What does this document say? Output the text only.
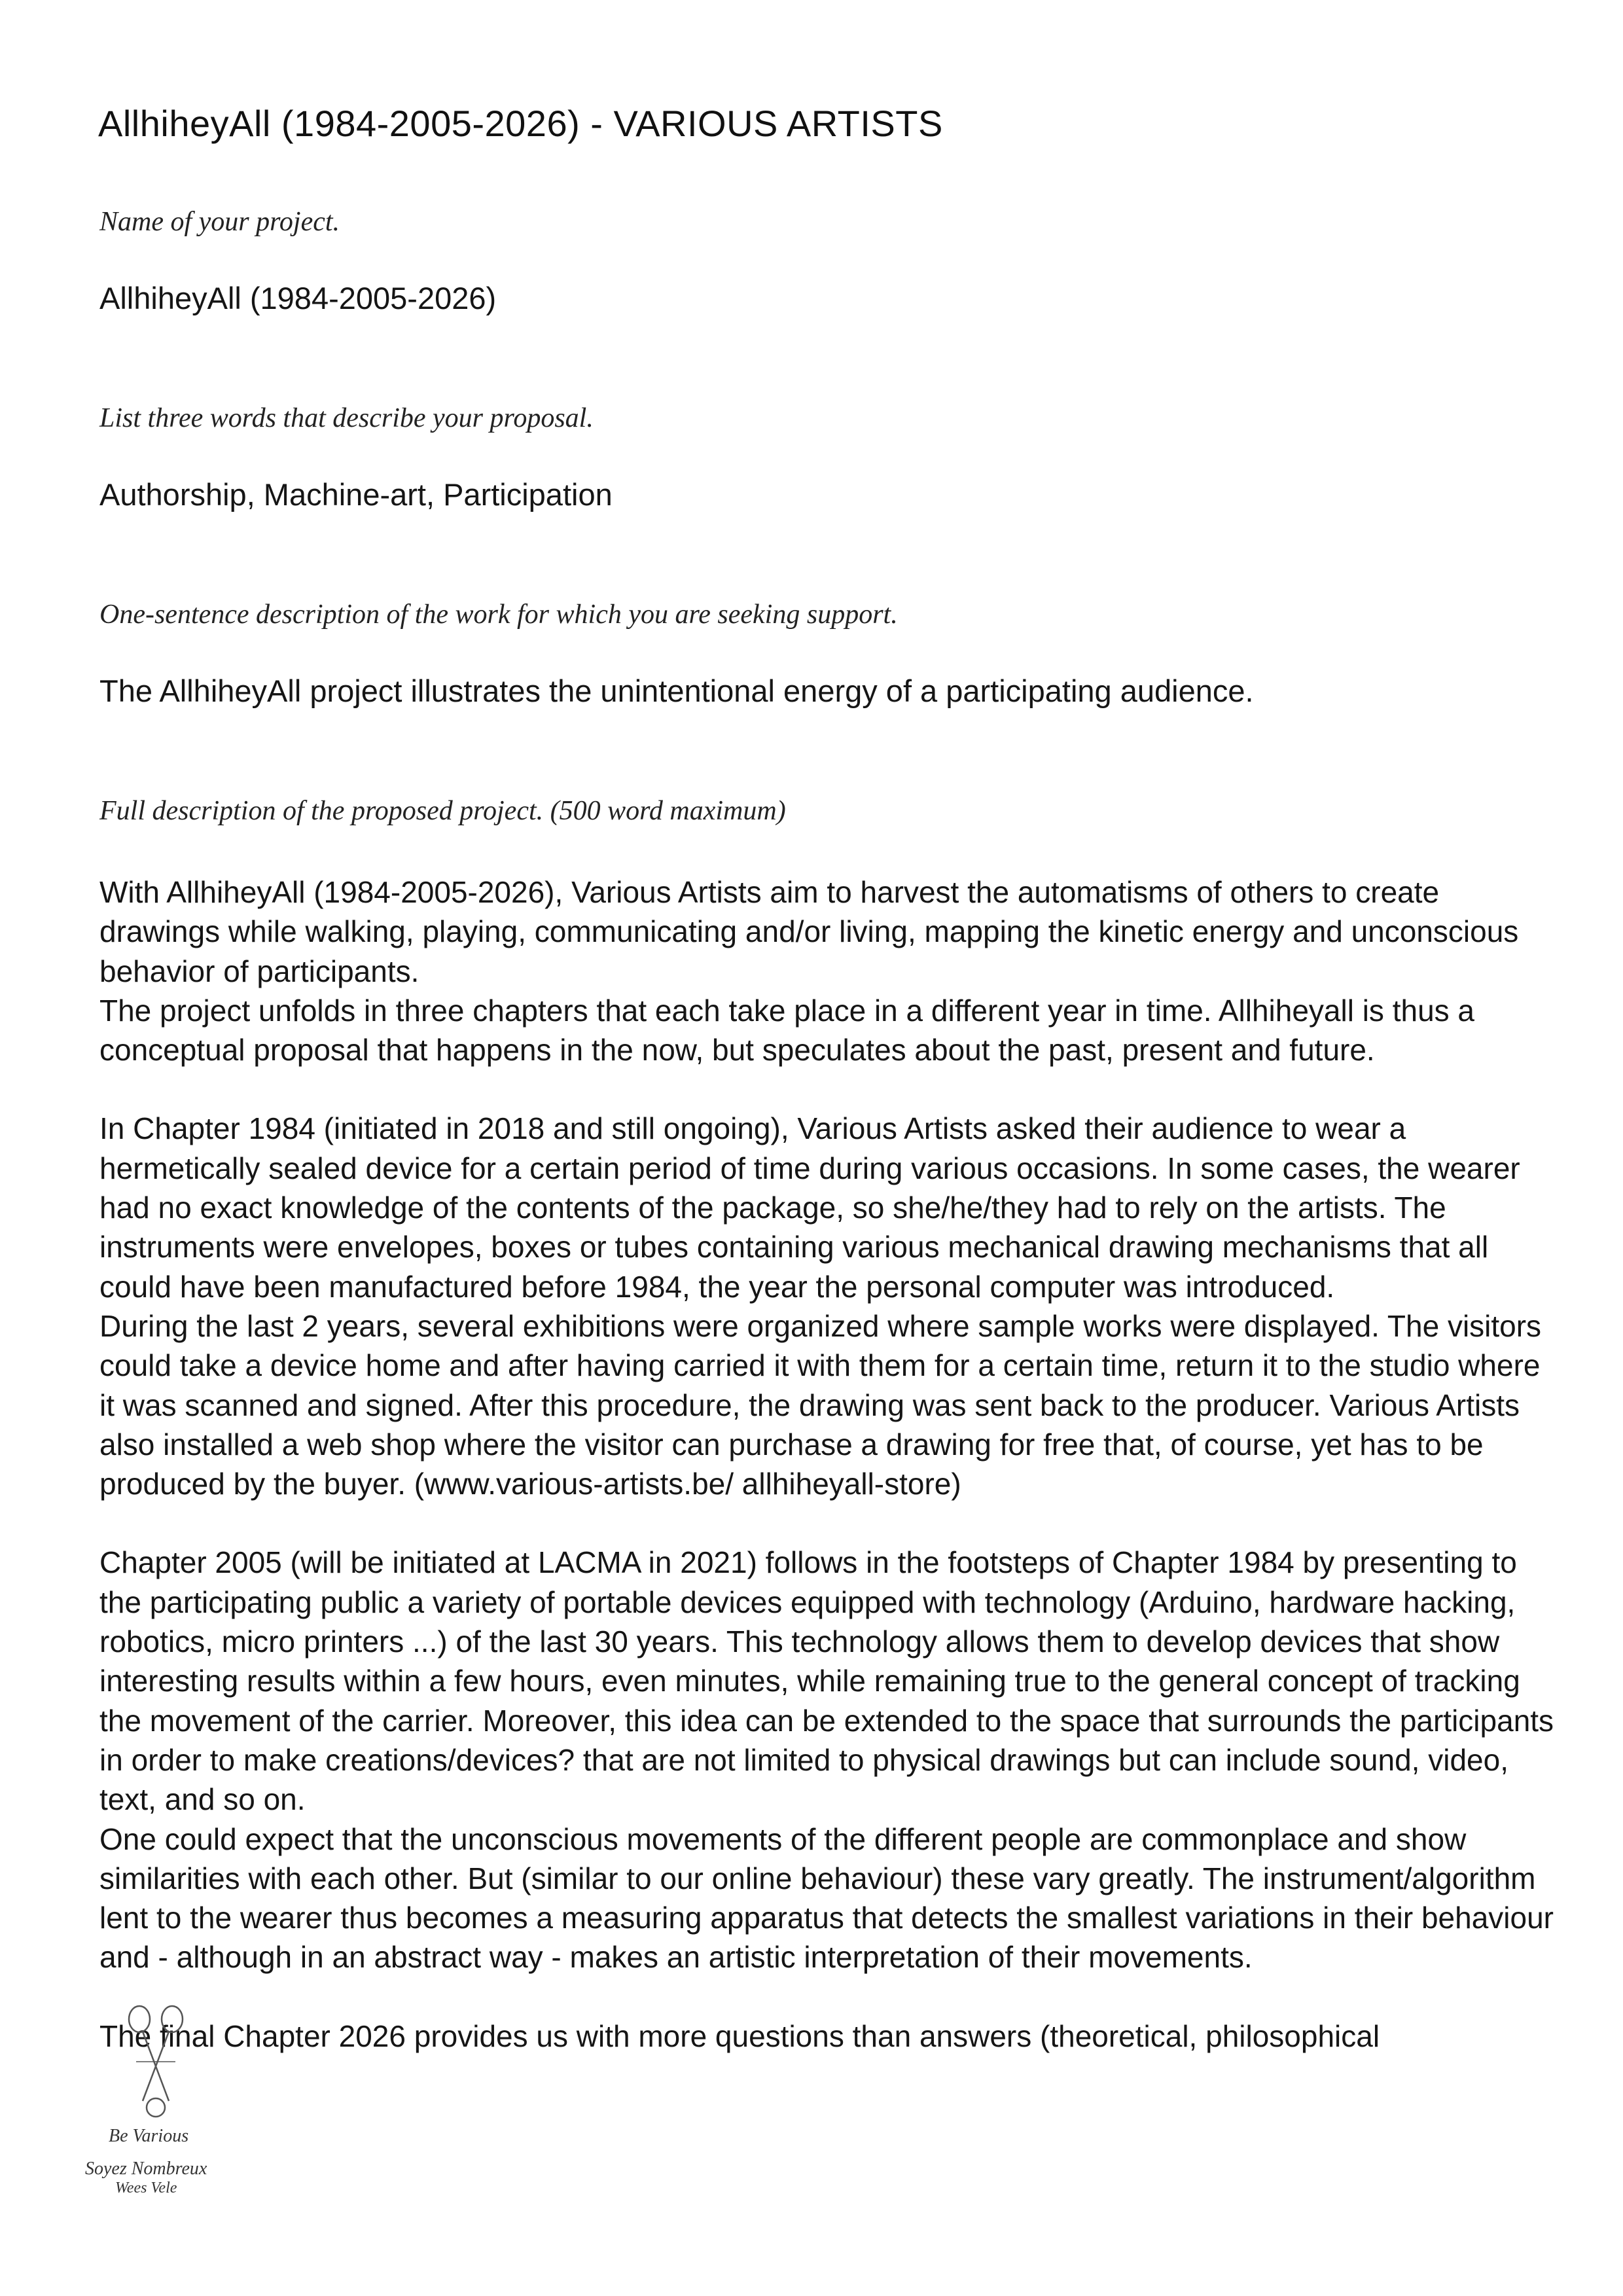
AllhiheyAll (1984-2005-2026) - VARIOUS ARTISTS

Name of your project.

AllhiheyAll (1984-2005-2026)

List three words that describe your proposal.

Authorship, Machine-art, Participation

One-sentence description of the work for which you are seeking support.

The AllhiheyAll project illustrates the unintentional energy of a participating audience.

Full description of the proposed project. (500 word maximum)

With AllhiheyAll (1984-2005-2026), Various Artists aim to harvest the automatisms of others to create drawings while walking, playing, communicating and/or living, mapping the kinetic energy and unconscious behavior of participants.

The project unfolds in three chapters that each take place in a different year in time. Allhiheyall is thus a conceptual proposal that happens in the now, but speculates about the past, present and future.

In Chapter 1984 (initiated in 2018 and still ongoing), Various Artists asked their audience to wear a hermetically sealed device for a certain period of time during various occasions. In some cases, the wearer had no exact knowledge of the contents of the package, so she/he/they had to rely on the artists. The instruments were envelopes, boxes or tubes containing various mechanical drawing mechanisms that all could have been manufactured before 1984, the year the personal computer was introduced.

During the last 2 years, several exhibitions were organized where sample works were displayed. The visitors could take a device home and after having carried it with them for a certain time, return it to the studio where it was scanned and signed. After this procedure, the drawing was sent back to the producer. Various Artists also installed a web shop where the visitor can purchase a drawing for free that, of course, yet has to be produced by the buyer. (www.various-artists.be/ allhiheyall-store)

Chapter 2005 (will be initiated at LACMA in 2021) follows in the footsteps of Chapter 1984 by presenting to the participating public a variety of portable devices equipped with technology (Arduino, hardware hacking, robotics, micro printers ...) of the last 30 years. This technology allows them to develop devices that show interesting results within a few hours, even minutes, while remaining true to the general concept of tracking the movement of the carrier. Moreover, this idea can be extended to the space that surrounds the participants in order to make creations/devices? that are not limited to physical drawings but can include sound, video, text, and so on.

One could expect that the unconscious movements of the different people are commonplace and show similarities with each other. But (similar to our online behaviour) these vary greatly. The instrument/algorithm lent to the wearer thus becomes a measuring apparatus that detects the smallest variations in their behaviour and - although in an abstract way - makes an artistic interpretation of their movements.

The final Chapter 2026 provides us with more questions than answers (theoretical, philosophical

Be Various
Soyez Nombreux
Wees Vele
